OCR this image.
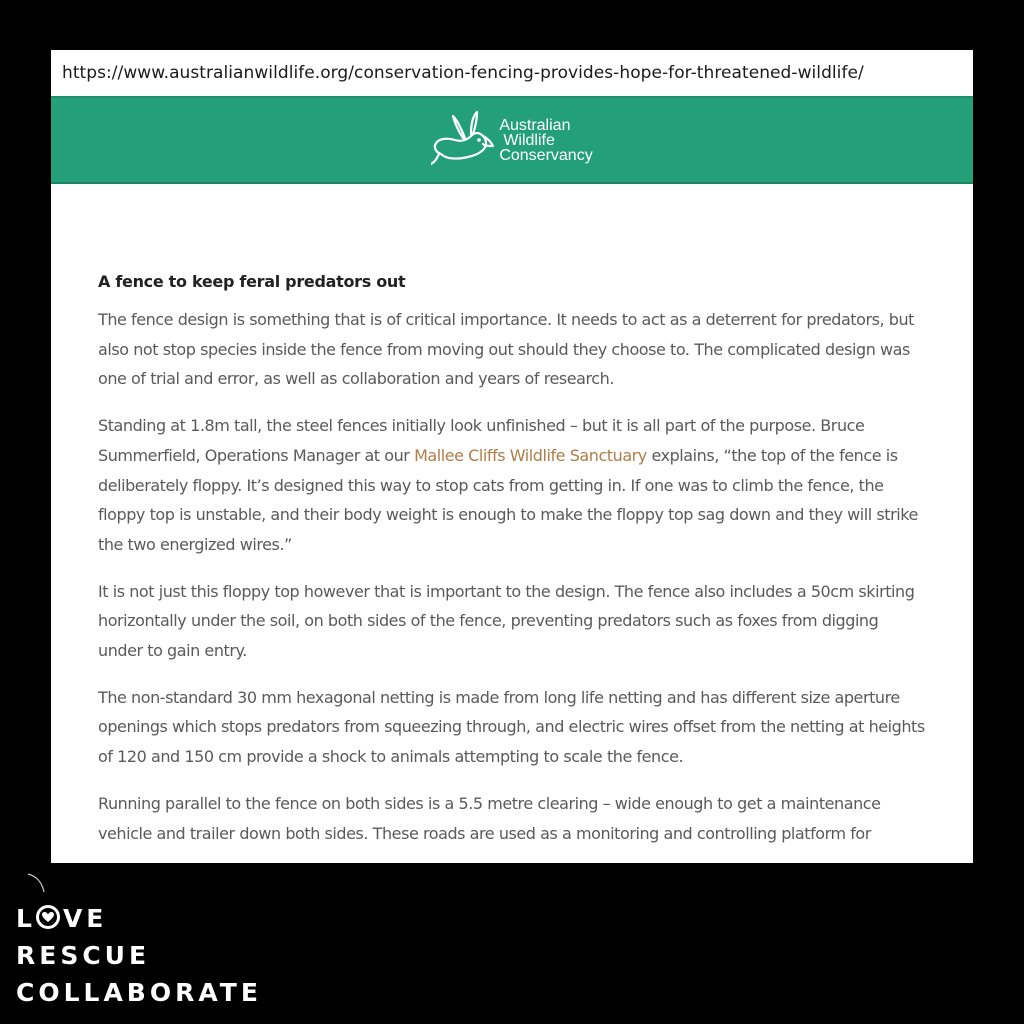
https://www.australianwildlife.org/conservation-fencing-provides-hope-for-threatened-wildlife/
Australian
Wildlife
Conservancy
A fence to keep feral predators out

The fence design is something that is of critical importance. It needs to act as a deterrent for predators, but also not stop species inside the fence from moving out should they choose to. The complicated design was one of trial and error, as well as collaboration and years of research.

Standing at 1.8m tall, the steel fences initially look unfinished – but it is all part of the purpose. Bruce Summerfield, Operations Manager at our Mallee Cliffs Wildlife Sanctuary explains, “the top of the fence is deliberately floppy. It’s designed this way to stop cats from getting in. If one was to climb the fence, the floppy top is unstable, and their body weight is enough to make the floppy top sag down and they will strike the two energized wires.”

It is not just this floppy top however that is important to the design. The fence also includes a 50cm skirting horizontally under the soil, on both sides of the fence, preventing predators such as foxes from digging under to gain entry.

The non-standard 30 mm hexagonal netting is made from long life netting and has different size aperture openings which stops predators from squeezing through, and electric wires offset from the netting at heights of 120 and 150 cm provide a shock to animals attempting to scale the fence.

Running parallel to the fence on both sides is a 5.5 metre clearing – wide enough to get a maintenance vehicle and trailer down both sides. These roads are used as a monitoring and controlling platform for

L VE
RESCUE
COLLABORATE
